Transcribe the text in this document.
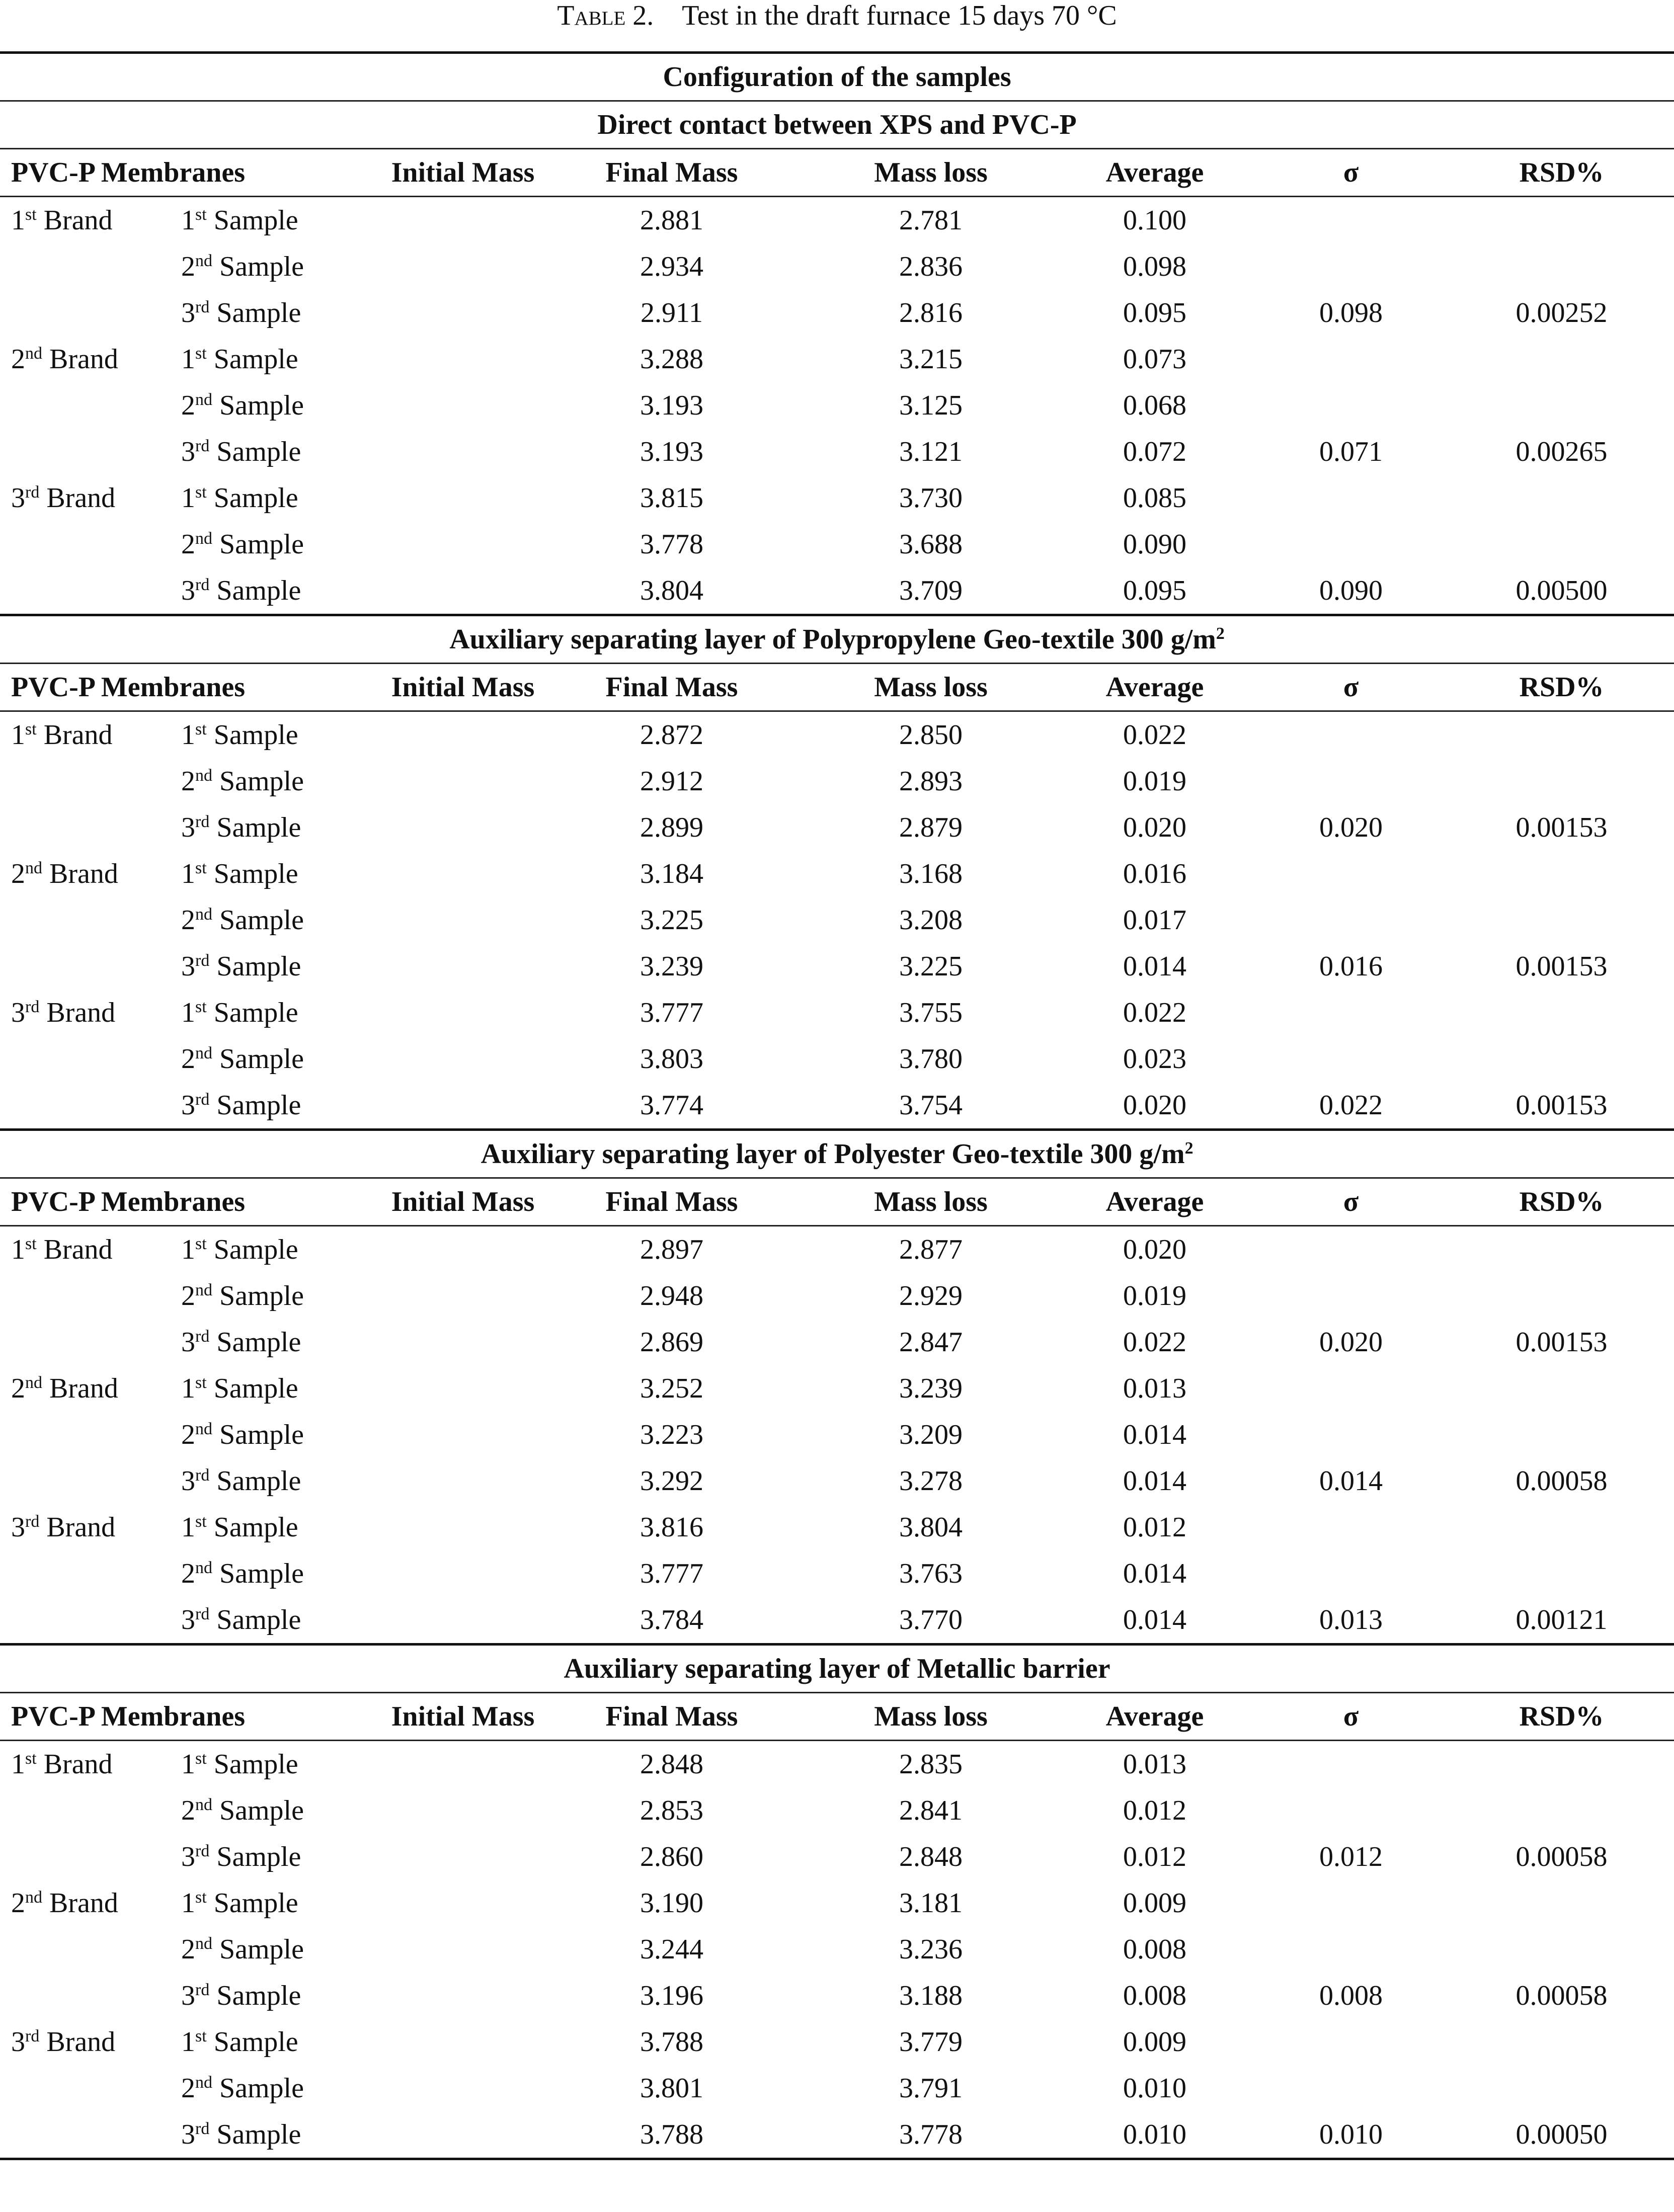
Table 2. Test in the draft furnace 15 days 70 °C
Configuration of the samples								
Direct contact between XPS and PVC-P								
PVC-P Membranes		Initial Mass	Final Mass	Mass loss	Average	σ	RSD%	
1st Brand	1st Sample		2.881	2.781	0.100			
	2nd Sample		2.934	2.836	0.098			
	3rd Sample		2.911	2.816	0.095	0.098	0.00252	
2nd Brand	1st Sample		3.288	3.215	0.073			
	2nd Sample		3.193	3.125	0.068			
	3rd Sample		3.193	3.121	0.072	0.071	0.00265	
3rd Brand	1st Sample		3.815	3.730	0.085			
	2nd Sample		3.778	3.688	0.090			
	3rd Sample		3.804	3.709	0.095	0.090	0.00500	
Auxiliary separating layer of Polypropylene Geo-textile 300 $g/m^2$
PVC-P Membranes		Initial Mass	Final Mass	Mass loss	Average	σ	RSD%	
1st Brand	1st Sample		2.872	2.850	0.022			
	2nd Sample		2.912	2.893	0.019			
	3rd Sample		2.899	2.879	0.020	0.020	0.00153	
2nd Brand	1st Sample		3.184	3.168	0.016			
	2nd Sample		3.225	3.208	0.017			
	3rd Sample		3.239	3.225	0.014	0.016	0.00153	
3rd Brand	1st Sample		3.777	3.755	0.022			
	2nd Sample		3.803	3.780	0.023			
	3rd Sample		3.774	3.754	0.020	0.022	0.00153	
Auxiliary separating layer of Polyester Geo-textile 300 $g/m^2$
PVC-P Membranes		Initial Mass	Final Mass	Mass loss	Average	σ	RSD%	
1st Brand	1st Sample		2.897	2.877	0.020			
	2nd Sample		2.948	2.929	0.019			
	3rd Sample		2.869	2.847	0.022	0.020	0.00153	
2nd Brand	1st Sample		3.252	3.239	0.013			
	2nd Sample		3.223	3.209	0.014			
	3rd Sample		3.292	3.278	0.014	0.014	0.00058	
3rd Brand	1st Sample		3.816	3.804	0.012			
	2nd Sample		3.777	3.763	0.014			
	3rd Sample		3.784	3.770	0.014	0.013	0.00121	
Auxiliary separating layer of Metallic barrier								
PVC-P Membranes		Initial Mass	Final Mass	Mass loss	Average	σ	RSD%	
1st Brand	1st Sample		2.848	2.835	0.013			
	2nd Sample		2.853	2.841	0.012			
	3rd Sample		2.860	2.848	0.012	0.012	0.00058	
2nd Brand	1st Sample		3.190	3.181	0.009			
	2nd Sample		3.244	3.236	0.008			
	3rd Sample		3.196	3.188	0.008	0.008	0.00058	
3rd Brand	1st Sample		3.788	3.779	0.009			
	2nd Sample		3.801	3.791	0.010			
	3rd Sample		3.788	3.778	0.010	0.010	0.00050	
